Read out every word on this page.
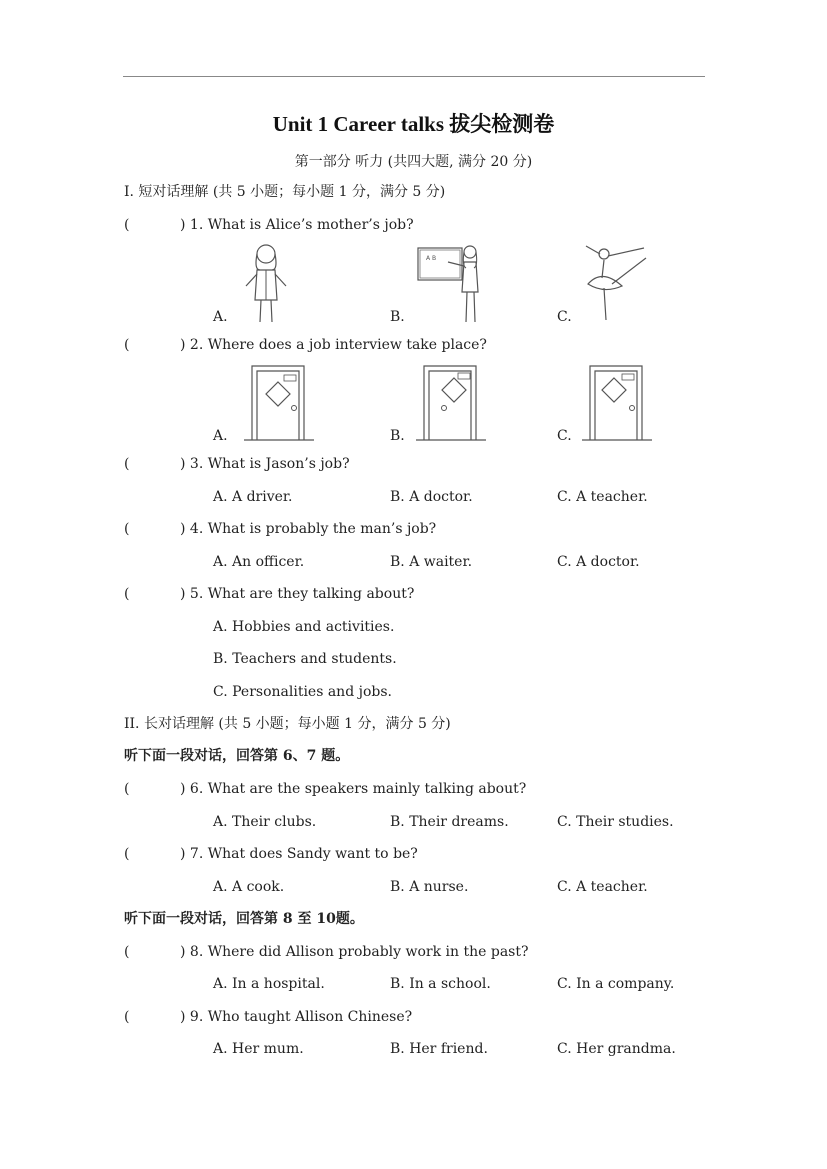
Unit 1 Career talks 拔尖检测卷
第一部分 听力 (共四大题, 满分 20 分)
I. 短对话理解 (共 5 小题；每小题 1 分，满分 5 分)
(	) 1. What is Alice’s mother’s job?
A.	B.	C.
A B
(	) 2. Where does a job interview take place?
A.	B.	C.
(	) 3. What is Jason’s job?
A. A driver.	B. A doctor.	C. A teacher.
(	) 4. What is probably the man’s job?
A. An officer.	B. A waiter.	C. A doctor.
(	) 5. What are they talking about?
A. Hobbies and activities.
B. Teachers and students.
C. Personalities and jobs.
II. 长对话理解 (共 5 小题；每小题 1 分，满分 5 分)
听下面一段对话，回答第 6、7 题。
(	) 6. What are the speakers mainly talking about?
A. Their clubs.	B. Their dreams.	C. Their studies.
(	) 7. What does Sandy want to be?
A. A cook.	B. A nurse.	C. A teacher.
听下面一段对话，回答第 8 至 10题。
(	) 8. Where did Allison probably work in the past?
A. In a hospital.	B. In a school.	C. In a company.
(	) 9. Who taught Allison Chinese?
A. Her mum.	B. Her friend.	C. Her grandma.
